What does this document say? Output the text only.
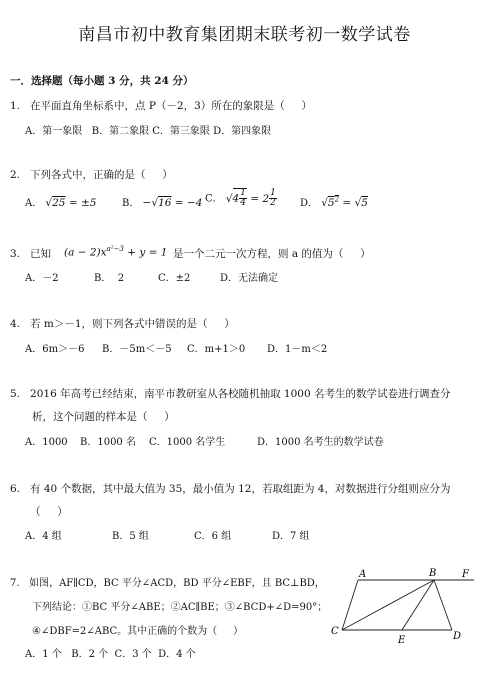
南昌市初中教育集团期末联考初一数学试卷
一．选择题（每小题 3 分，共 24 分）
1.   在平面直角坐标系中，点 P（－2，3）所在的象限是（     ）
A．第一象限   B．第二象限 C．第三象限 D．第四象限
2.   下列各式中，正确的是（     ）
A． √25 = ±5	B． −√16 = −4 C． $√4 \frac{1}{4} = 2 \frac{1}{2}$ D． $√5^2 = √5$
3.   已知 $(a - 2)x^{a^2-3} + y = 1$ 是一个二元一次方程，则 a 的值为（     ）
A．－2	B．  2	C．±2	D．无法确定
4.   若 m＞－1，则下列各式中错误的是（     ）
A．6m＞－6 B．－5m＜－5 C．m+1＞0 D．1－m＜2
5.   2016 年高考已经结束，南平市教研室从各校随机抽取 1000 名考生的数学试卷进行调查分
析，这个问题的样本是（     ）
A．1000 B．1000 名 C．1000 名学生	D．1000 名考生的数学试卷
6.   有 40 个数据，其中最大值为 35，最小值为 12，若取组距为 4，对数据进行分组则应分为
（     ）
A．4 组	B．5 组	C．6 组	D．7 组
7.   如图，AF∥CD，BC 平分∠ACD，BD 平分∠EBF，且 BC⊥BD，
下列结论：①BC 平分∠ABE；②AC∥BE；③∠BCD+∠D=90°；
④∠DBF=2∠ABC。其中正确的个数为（     ）
A．1 个   B．2 个  C．3 个  D．4 个
A	B	F
C
E	D
